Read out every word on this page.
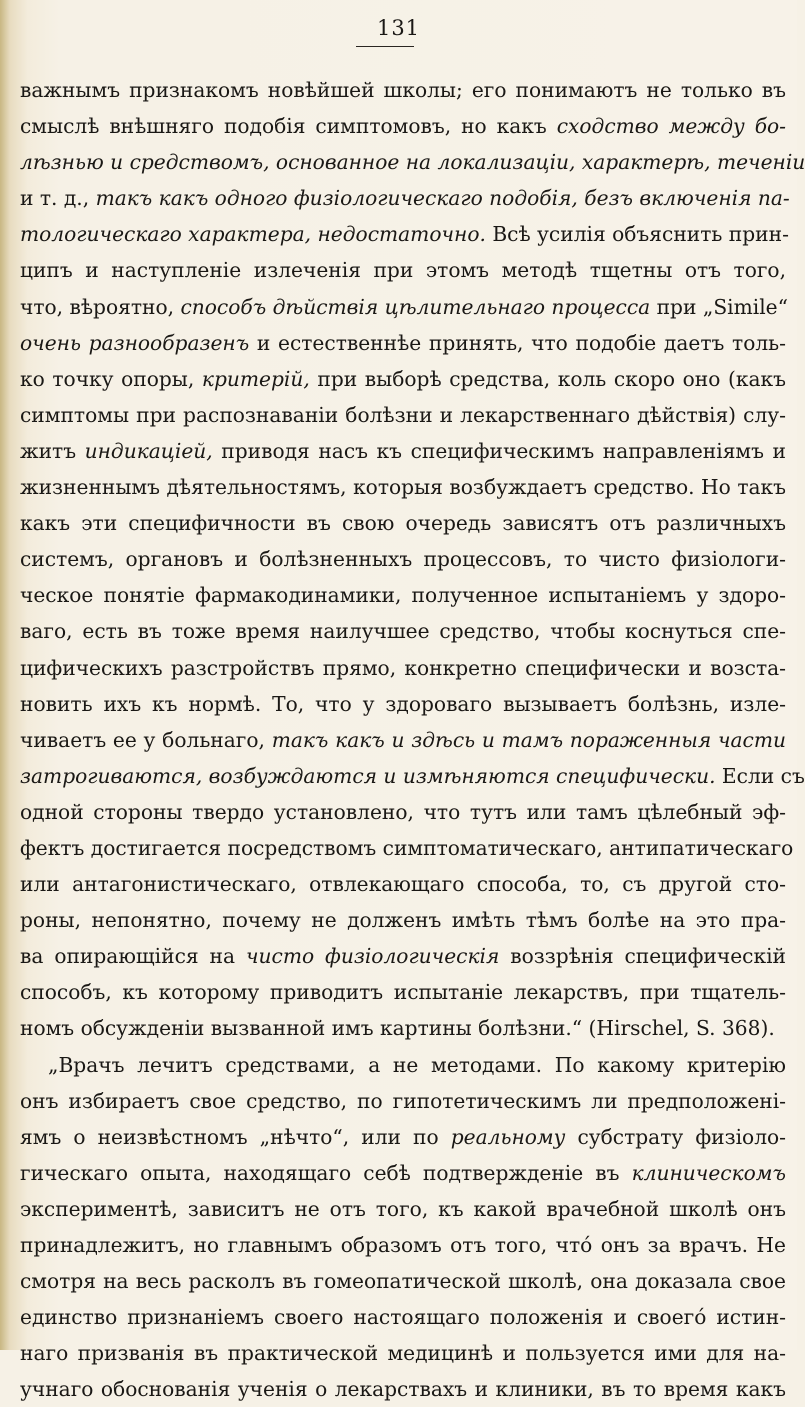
131
важнымъ признакомъ новѣйшей школы; его понимаютъ не только въ
смыслѣ внѣшняго подобія симптомовъ, но какъ сходство между бо-
лѣзнью и средствомъ, основанное на локализаціи, характерѣ, теченіи
и т. д., такъ какъ одного физіологическаго подобія, безъ включенія па-
тологическаго характера, недостаточно. Всѣ усилія объяснить прин-
ципъ и наступленіе излеченія при этомъ методѣ тщетны отъ того,
что, вѣроятно, способъ дѣйствія цѣлительнаго процесса при „Simile“
очень разнообразенъ и естественнѣе принять, что подобіе даетъ толь-
ко точку опоры, критерій, при выборѣ средства, коль скоро оно (какъ
симптомы при распознаваніи болѣзни и лекарственнаго дѣйствія) слу-
житъ индикаціей, приводя насъ къ специфическимъ направленіямъ и
жизненнымъ дѣятельностямъ, которыя возбуждаетъ средство. Но такъ
какъ эти специфичности въ свою очередь зависятъ отъ различныхъ
системъ, органовъ и болѣзненныхъ процессовъ, то чисто физіологи-
ческое понятіе фармакодинамики, полученное испытаніемъ у здоро-
ваго, есть въ тоже время наилучшее средство, чтобы коснуться спе-
цифическихъ разстройствъ прямо, конкретно специфически и возста-
новить ихъ къ нормѣ. То, что у здороваго вызываетъ болѣзнь, изле-
чиваетъ ее у больнаго, такъ какъ и здѣсь и тамъ пораженныя части
затрогиваются, возбуждаются и измѣняются специфически. Если съ
одной стороны твердо установлено, что тутъ или тамъ цѣлебный эф-
фектъ достигается посредствомъ симптоматическаго, антипатическаго
или антагонистическаго, отвлекающаго способа, то, съ другой сто-
роны, непонятно, почему не долженъ имѣть тѣмъ болѣе на это пра-
ва опирающійся на чисто физіологическія воззрѣнія специфическій
способъ, къ которому приводитъ испытаніе лекарствъ, при тщатель-
номъ обсужденіи вызванной имъ картины болѣзни.“ (Hirschel, S. 368).
„Врачъ лечитъ средствами, а не методами. По какому критерію
онъ избираетъ свое средство, по гипотетическимъ ли предположені-
ямъ о неизвѣстномъ „нѣчто“, или по реальному субстрату физіоло-
гическаго опыта, находящаго себѣ подтвержденіе въ клиническомъ
экспериментѣ, зависитъ не отъ того, къ какой врачебной школѣ онъ
принадлежитъ, но главнымъ образомъ отъ того, что́ онъ за врачъ. Не
смотря на весь расколъ въ гомеопатической школѣ, она доказала свое
единство признаніемъ своего настоящаго положенія и своего́ истин-
наго призванія въ практической медицинѣ и пользуется ими для на-
учнаго обоснованія ученія о лекарствахъ и клиники, въ то время какъ
